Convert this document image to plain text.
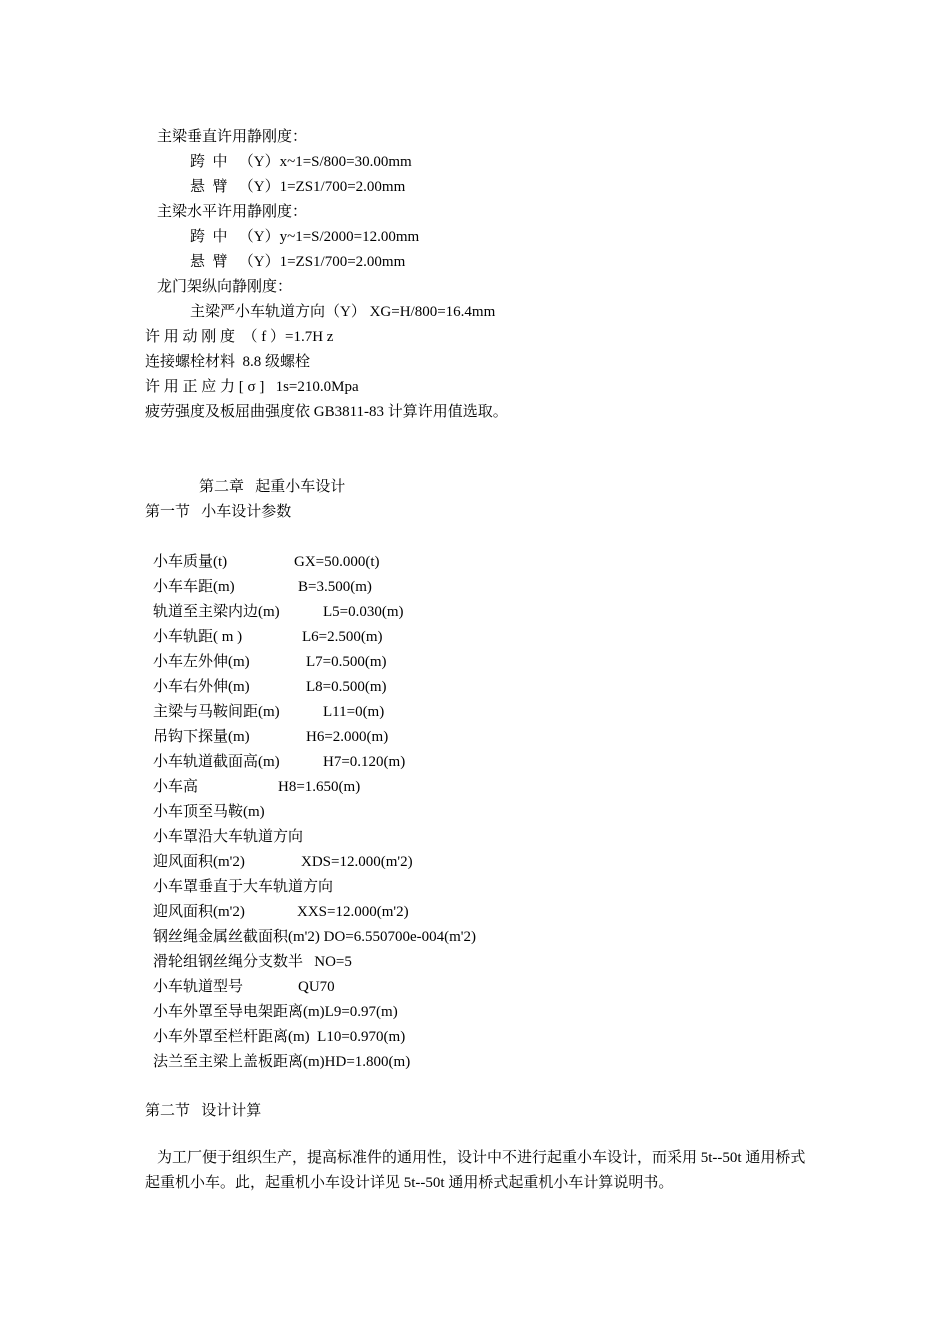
主梁垂直许用静刚度：
跨  中   （Y）x~1=S/800=30.00mm
悬  臂   （Y）1=ZS1/700=2.00mm
主梁水平许用静刚度：
跨  中   （Y）y~1=S/2000=12.00mm
悬  臂   （Y）1=ZS1/700=2.00mm
龙门架纵向静刚度：
主梁严小车轨道方向（Y） XG=H/800=16.4mm
许 用 动 刚 度  （ f ）=1.7H z
连接螺栓材料  8.8 级螺栓
许 用 正 应 力 [ σ ]   1s=210.0Mpa
疲劳强度及板屈曲强度依 GB3811-83 计算许用值选取。
第二章   起重小车设计
第一节   小车设计参数
小车质量(t)	GX=50.000(t)
小车车距(m)	B=3.500(m)
轨道至主梁内边(m)	L5=0.030(m)
小车轨距( m )	L6=2.500(m)
小车左外伸(m)	L7=0.500(m)
小车右外伸(m)	L8=0.500(m)
主梁与马鞍间距(m)	L11=0(m)
吊钩下探量(m)	H6=2.000(m)
小车轨道截面高(m)	H7=0.120(m)
小车高	H8=1.650(m)
小车顶至马鞍(m)
小车罩沿大车轨道方向
迎风面积(m'2)	XDS=12.000(m'2)
小车罩垂直于大车轨道方向
迎风面积(m'2)	XXS=12.000(m'2)
钢丝绳金属丝截面积(m'2) DO=6.550700e-004(m'2)
滑轮组钢丝绳分支数半   NO=5
小车轨道型号	QU70
小车外罩至导电架距离(m)L9=0.97(m)
小车外罩至栏杆距离(m)  L10=0.970(m)
法兰至主梁上盖板距离(m)HD=1.800(m)
第二节   设计计算
为工厂便于组织生产，提高标准件的通用性，设计中不进行起重小车设计，而采用 5t--50t 通用桥式起重机小车。此，起重机小车设计详见 5t--50t 通用桥式起重机小车计算说明书。
